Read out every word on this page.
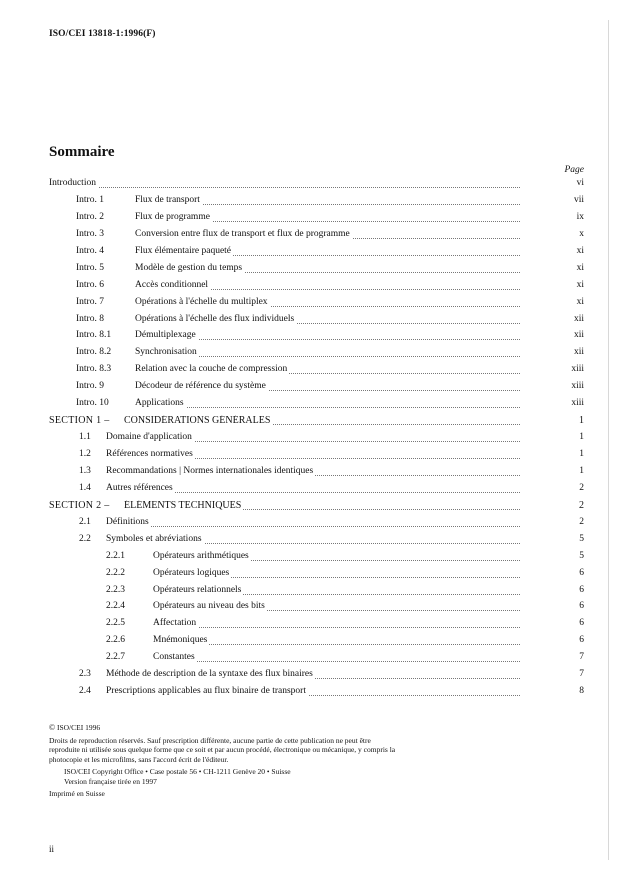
ISO/CEI 13818-1:1996(F)
Sommaire
Page
Introduction	vi
Intro. 1	Flux de transport	vii
Intro. 2	Flux de programme	ix
Intro. 3	Conversion entre flux de transport et flux de programme	x
Intro. 4	Flux élémentaire paqueté	xi
Intro. 5	Modèle de gestion du temps	xi
Intro. 6	Accès conditionnel	xi
Intro. 7	Opérations à l'échelle du multiplex	xi
Intro. 8	Opérations à l'échelle des flux individuels	xii
Intro. 8.1	Démultiplexage	xii
Intro. 8.2	Synchronisation	xii
Intro. 8.3	Relation avec la couche de compression	xiii
Intro. 9	Décodeur de référence du système	xiii
Intro. 10	Applications	xiii
SECTION 1 – CONSIDÉRATIONS GÉNÉRALES	1
1.1 Domaine d'application	1
1.2 Références normatives	1
1.3 Recommandations | Normes internationales identiques	1
1.4 Autres références	2
SECTION 2 – ÉLÉMENTS TECHNIQUES	2
2.1 Définitions	2
2.2 Symboles et abréviations	5
2.2.1	Opérateurs arithmétiques	5
2.2.2	Opérateurs logiques	6
2.2.3	Opérateurs relationnels	6
2.2.4	Opérateurs au niveau des bits	6
2.2.5	Affectation	6
2.2.6	Mnémoniques	6
2.2.7	Constantes	7
2.3 Méthode de description de la syntaxe des flux binaires	7
2.4 Prescriptions applicables au flux binaire de transport	8
© ISO/CEI 1996
Droits de reproduction réservés. Sauf prescription différente, aucune partie de cette publication ne peut être reproduite ni utilisée sous quelque forme que ce soit et par aucun procédé, électronique ou mécanique, y compris la photocopie et les microfilms, sans l'accord écrit de l'éditeur.
ISO/CEI Copyright Office • Case postale 56 • CH-1211 Genève 20 • Suisse
Version française tirée en 1997
Imprimé en Suisse
ii
